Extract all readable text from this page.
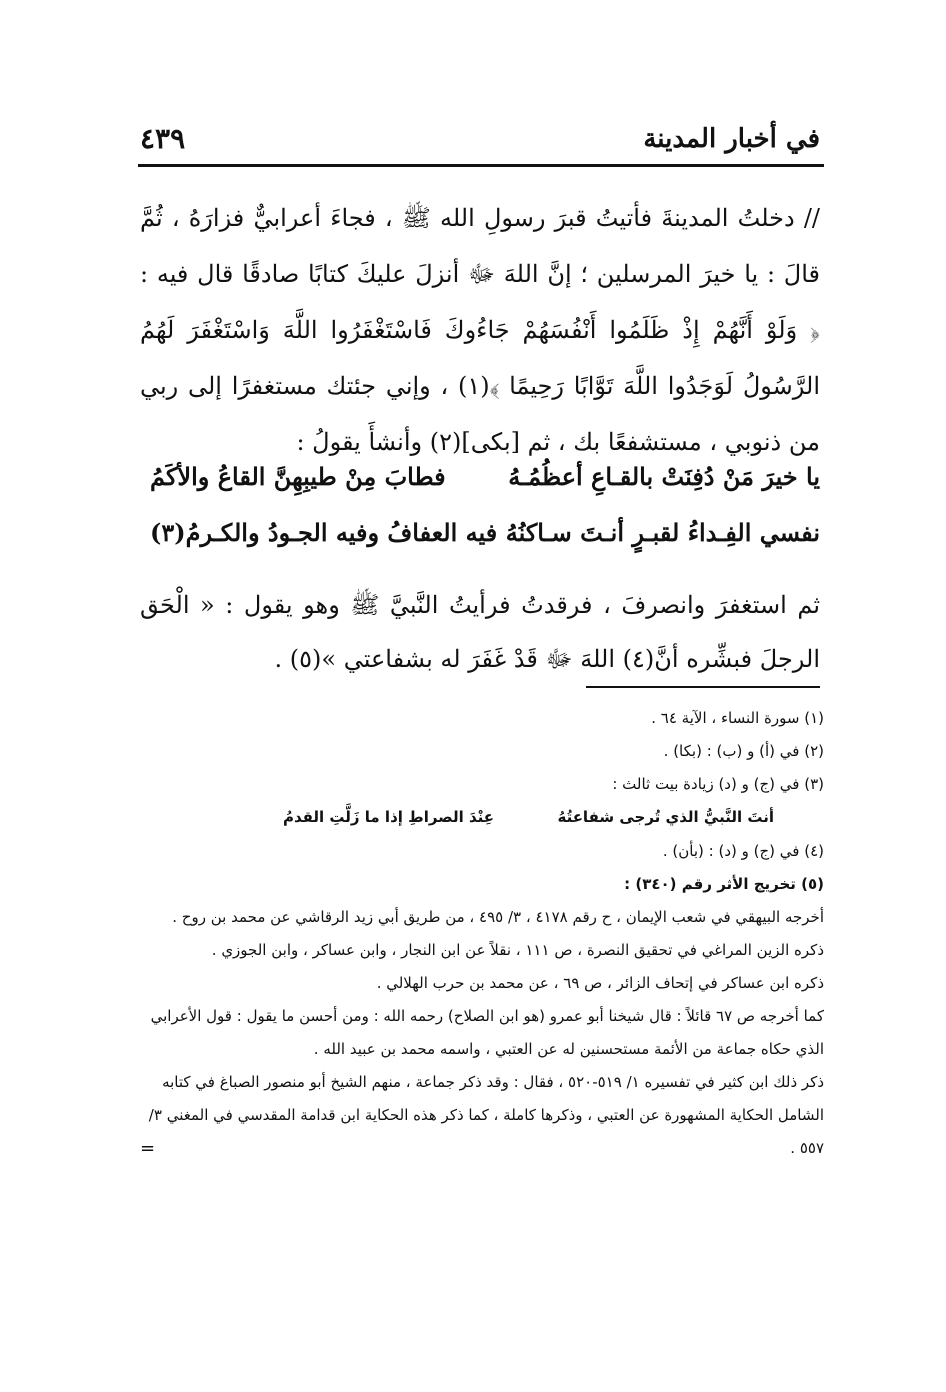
في أخبار المدينة
٤٣٩

// دخلتُ المدينةَ فأتيتُ قبرَ رسولِ الله ﷺ ، فجاءَ أعرابيٌّ فزارَهُ ، ثُمَّ قالَ : يا خيرَ المرسلين ؛ إنَّ اللهَ ﷻ أنزلَ عليكَ كتابًا صادقًا قال فيه : ﴿ وَلَوْ أَنَّهُمْ إِذْ ظَلَمُوا أَنْفُسَهُمْ جَاءُوكَ فَاسْتَغْفَرُوا اللَّهَ وَاسْتَغْفَرَ لَهُمُ الرَّسُولُ لَوَجَدُوا اللَّهَ تَوَّابًا رَحِيمًا ﴾(١) ، وإني جئتك مستغفرًا إلى ربي من ذنوبي ، مستشفعًا بك ، ثم [بكى](٢) وأنشأَ يقولُ :

يا خيرَ مَنْ دُفِنَتْ بالقـاعِ أعظُمُـهُ
فطابَ مِنْ طيبِهِنَّ القاعُ والأكَمُ
نفسي الفِـداءُ لقبـرٍ أنـتَ سـاكنُهُ
فيه العفافُ وفيه الجـودُ والكـرمُ(٣)

ثم استغفرَ وانصرفَ ، فرقدتُ فرأيتُ النَّبيَّ ﷺ وهو يقول : « الْحَق الرجلَ فبشِّره أنَّ(٤) اللهَ ﷻ قَدْ غَفَرَ له بشفاعتي »(٥) .

(١) سورة النساء ، الآية ٦٤ .

(٢) في (أ) و (ب) : (بكا) .

(٣) في (ج) و (د) زيادة بيت ثالث :

أنتَ النَّبيُّ الذي تُرجى شفاعتُهُ
عِنْدَ الصراطِ إذا ما زَلَّتِ القدمُ

(٤) في (ج) و (د) : (بأن) .

(٥) تخريج الأثر رقم (٣٤٠) :

أخرجه البيهقي في شعب الإيمان ، ح رقم ٤١٧٨ ، ٣/ ٤٩٥ ، من طريق أبي زيد الرقاشي عن محمد بن روح .

ذكره الزين المراغي في تحقيق النصرة ، ص ١١١ ، نقلاً عن ابن النجار ، وابن عساكر ، وابن الجوزي .

ذكره ابن عساكر في إتحاف الزائر ، ص ٦٩ ، عن محمد بن حرب الهلالي .

كما أخرجه ص ٦٧ قائلاً : قال شيخنا أبو عمرو (هو ابن الصلاح) رحمه الله : ومن أحسن ما يقول : قول الأعرابي الذي حكاه جماعة من الأئمة مستحسنين له عن العتبي ، واسمه محمد بن عبيد الله .

ذكر ذلك ابن كثير في تفسيره ١/ ٥١٩-٥٢٠ ، فقال : وقد ذكر جماعة ، منهم الشيخ أبو منصور الصباغ في كتابه الشامل الحكاية المشهورة عن العتبي ، وذكرها كاملة ، كما ذكر هذه الحكاية ابن قدامة المقدسي في المغني ٣/ ٥٥٧ .

=
